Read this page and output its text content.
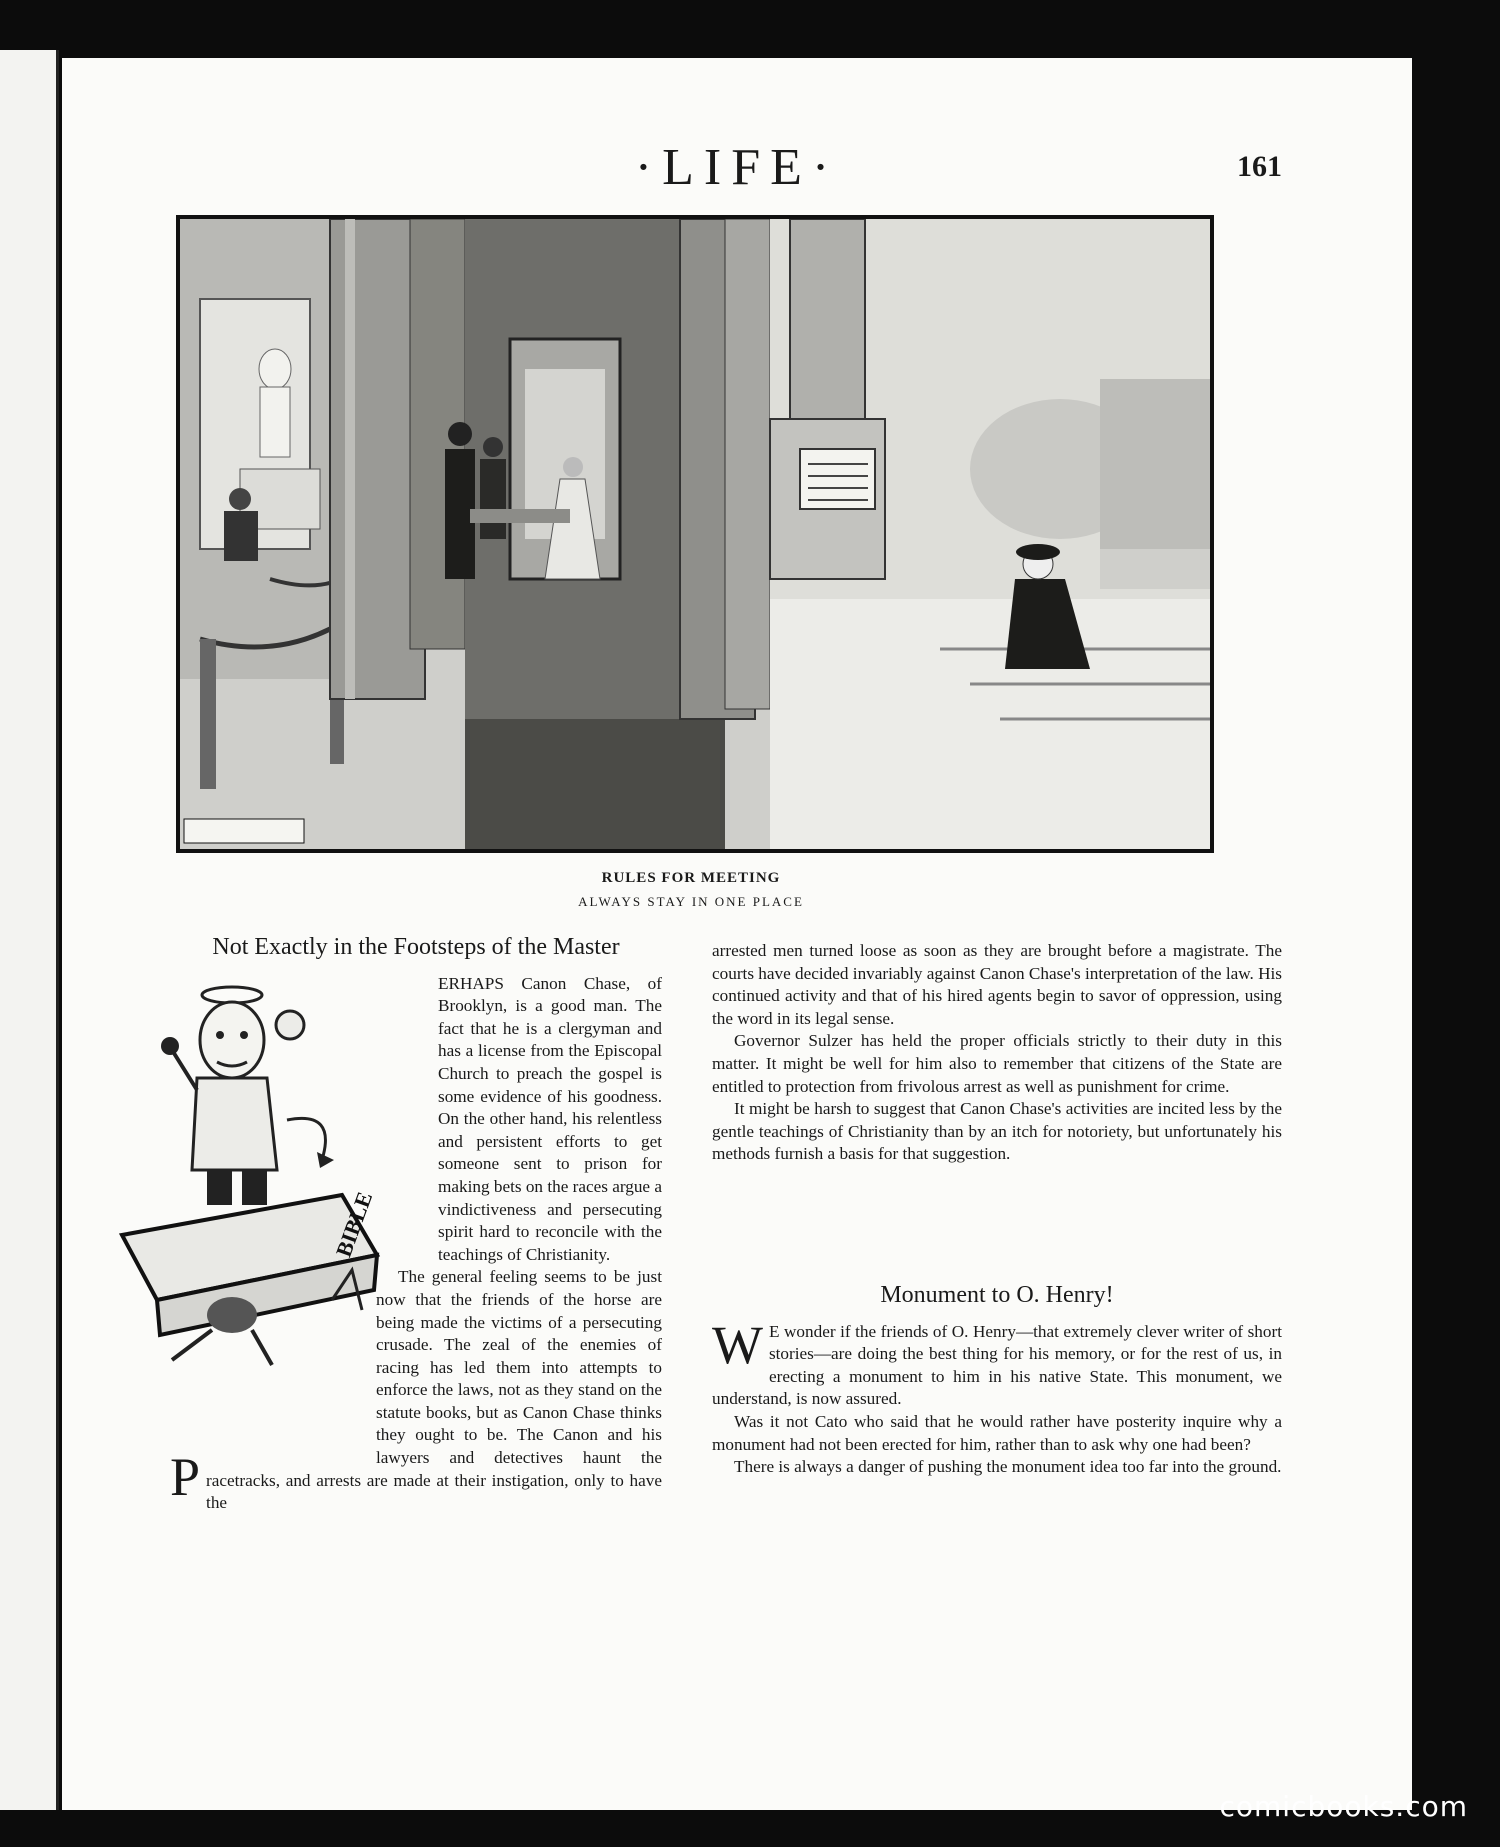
·LIFE·	161
RULES FOR MEETING
ALWAYS STAY IN ONE PLACE
BIBLE
Not Exactly in the Footsteps of the Master

P
ERHAPS Canon Chase, of Brooklyn, is a good man. The fact that he is a clergyman and has a license from the Episcopal Church to preach the gospel is some evidence of his goodness. On the other hand, his relentless and persistent efforts to get someone sent to prison for making bets on the races argue a vindictiveness and persecuting spirit hard to reconcile with the teachings of Christianity.

The general feeling seems to be just now that the friends of the horse are being made the victims of a persecuting crusade. The zeal of the enemies of racing has led them into attempts to enforce the laws, not as they stand on the statute books, but as Canon Chase thinks they ought to be. The Canon and his lawyers and detectives haunt the racetracks, and arrests are made at their instigation, only to have the

arrested men turned loose as soon as they are brought before a magistrate. The courts have decided invariably against Canon Chase's interpretation of the law. His continued activity and that of his hired agents begin to savor of oppression, using the word in its legal sense.

Governor Sulzer has held the proper officials strictly to their duty in this matter. It might be well for him also to remember that citizens of the State are entitled to protection from frivolous arrest as well as punishment for crime.

It might be harsh to suggest that Canon Chase's activities are incited less by the gentle teachings of Christianity than by an itch for notoriety, but unfortunately his methods furnish a basis for that suggestion.

Monument to O. Henry!

W E wonder if the friends of O. Henry—that extremely clever writer of short stories—are doing the best thing for his memory, or for the rest of us, in erecting a monument to him in his native State. This monument, we understand, is now assured.

Was it not Cato who said that he would rather have posterity inquire why a monument had not been erected for him, rather than to ask why one had been?

There is always a danger of pushing the monument idea too far into the ground.

comicbooks.com
